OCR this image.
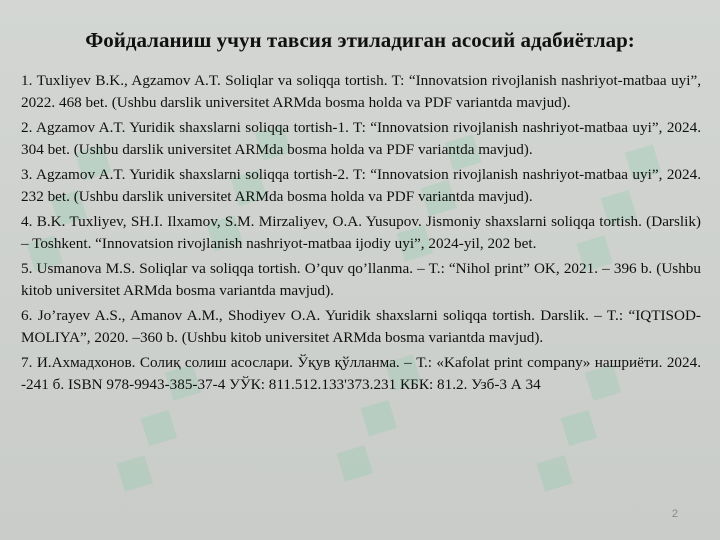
◆◆◆ ◆◆◆ ◆◆◆ ◆◆◆
◆◆◆ ◆◆◆ ◆◆◆
Фойдаланиш учун тавсия этиладиган асосий адабиётлар:
1. Tuxliyev B.K., Agzamov A.T. Soliqlar va soliqqa tortish. T: “Innovatsion rivojlanish nashriyot-matbaa uyi”, 2022. 468 bet. (Ushbu darslik universitet ARMda bosma holda va PDF variantda mavjud).
2. Agzamov A.T. Yuridik shaxslarni soliqqa tortish-1. T: “Innovatsion rivojlanish nashriyot-matbaa uyi”, 2024. 304 bet. (Ushbu darslik universitet ARMda bosma holda va PDF variantda mavjud).
3. Agzamov A.T. Yuridik shaxslarni soliqqa tortish-2. T: “Innovatsion rivojlanish nashriyot-matbaa uyi”, 2024. 232 bet. (Ushbu darslik universitet ARMda bosma holda va PDF variantda mavjud).
4. B.K. Tuxliyev, SH.I. Ilxamov, S.M. Mirzaliyev, O.A. Yusupov. Jismoniy shaxslarni soliqqa tortish. (Darslik) – Toshkent. “Innovatsion rivojlanish nashriyot-matbaa ijodiy uyi”, 2024-yil, 202 bet.
5. Usmanova M.S. Soliqlar va soliqqa tortish. O’quv qo’llanma. – T.: “Nihol print” OK, 2021. – 396 b. (Ushbu kitob universitet ARMda bosma variantda mavjud).
6. Jo’rayev A.S., Amanov A.M., Shodiyev O.A. Yuridik shaxslarni soliqqa tortish. Darslik. – T.: “IQTISOD-MOLIYA”, 2020. –360 b. (Ushbu kitob universitet ARMda bosma variantda mavjud).
7. И.Ахмадхонов. Солиқ солиш асослари. Ўқув қўлланма. – Т.: «Kafolat print company» нашриёти. 2024. -241 б. ISBN 978-9943-385-37-4 УЎК: 811.512.133'373.231 КБК: 81.2. Узб-3 А 34
2
